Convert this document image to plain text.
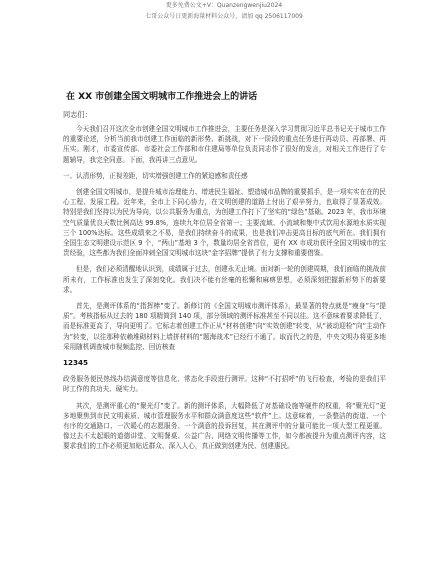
更多免费公文+V：Quanzengwenjiu2024
七哥公众号日更新海量材料公众号，请加 qq 2506117009
在 XX 市创建全国文明城市工作推进会上的讲话
同志们：

今天我们召开这次全市创建全国文明城市工作推进会，主要任务是深入学习贯彻习近平总书记关于城市工作的重要论述，分析当前我市创建工作面临的新形势、新挑战，对下一阶段的重点任务进行再动员、再部署、再压实。刚才，市委宣传部、市委社会工作部和市住建局等单位负责同志作了很好的发言，对相关工作进行了专题辅导，我完全同意。下面，我再讲三点意见。

一、认清形势，正视差距，切实增强创建工作的紧迫感和责任感

创建全国文明城市，是提升城市治理能力、增进民生福祉、塑造城市品牌的重要抓手，是一项实实在在的民心工程、发展工程。近年来，全市上下同心协力，在文明创建的道路上付出了艰辛努力，也取得了显著成效。特别是我们坚持以为民为导向，以公共服务为重点，为创建工作打下了坚实的“绿色”基础。2023 年，我市环境空气质量优良天数比例高达 99.8%，连续九年位居全省第一；主要流域、小流域和集中式饮用水源地水质实现三个 100%达标。这些成绩来之不易，是我们持续奋斗的成果，也是我们冲击更高目标的底气所在。我们拥有全国生态文明建设示范区 9 个，“两山”基地 3 个，数量均居全省首位，更有 XX 市成功获评全国文明城市的宝贵经验，这些都为我们全面冲刺全国文明城市这块“金字招牌”提供了有力支撑和重要借鉴。

但是，我们必须清醒地认识到，成绩属于过去，创建永无止境。面对新一轮的创建周期，我们面临的挑战前所未有，工作标准也发生了深刻变化。我们决不能有丝毫的松懈和麻痹思想，必须深刻把握新形势下的新要求。

首先，是测评体系的“指挥棒”变了。新修订的《全国文明城市测评体系》，最显著的特点就是“瘦身”与“提质”。考核指标从过去的 180 项精简到 140 项，部分领域的测评标准甚至不同以往。这不意味着要求降低了，而是标准更高了，导向更明了。它标志着创建工作正从“材料创建”向“实效创建”转变，从“被动迎检”向“主动作为”转变，以往那种依赖堆砌材料上墙拼材料的“题海战术”已经行不通了。取而代之的是，中央文明办将更多地采用随机调查城市视频监控、回访核查

12345

政务服务便民热线办结满意度等信息化、常态化手段进行测评。这种“不打招呼”的飞行检查，考验的是我们平时工作的真功夫、硬实力。

其次，是测评重心的“聚光灯”变了。新的测评体系，大幅降低了对基础设施等硬件的权重，将“聚光灯”更多地聚焦到市民文明素质、城市管理服务水平和群众满意度这些“软件”上。这意味着，一条整洁的街道、一个有序的交通路口、一次暖心的志愿服务、一个满意的投诉回复，其在测评中的分量可能比一项大型工程更重。像过去不太起眼的道德讲堂、文明餐桌、公益广告、网络文明传播等工作，如今都被提升为重点测评内容，这要求我们的工作必须更加贴近群众、深入人心，真正做到创建为民、创建惠民。
